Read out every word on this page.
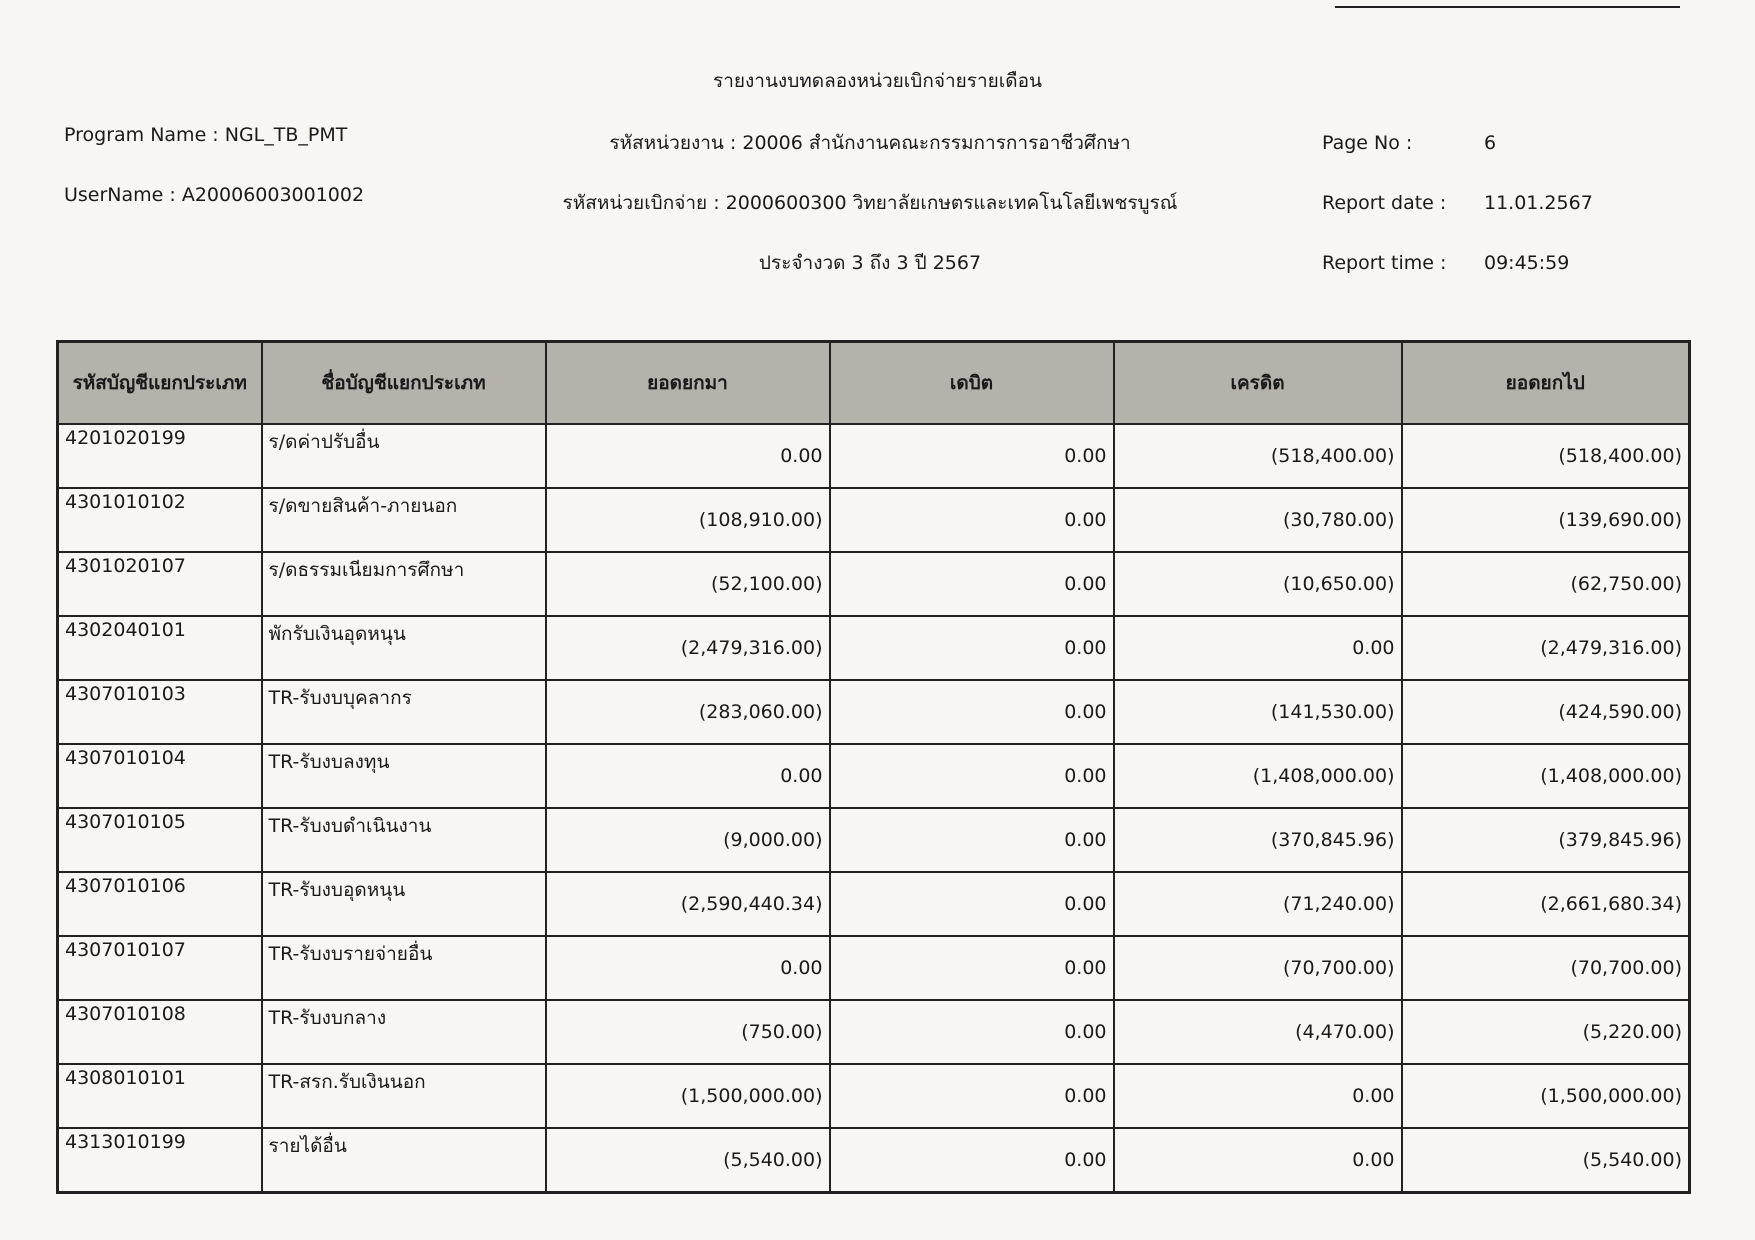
รายงานงบทดลองหน่วยเบิกจ่ายรายเดือน
Program Name : NGL_TB_PMT
UserName : A20006003001002
รหัสหน่วยงาน : 20006 สำนักงานคณะกรรมการการอาชีวศึกษา
รหัสหน่วยเบิกจ่าย : 2000600300 วิทยาลัยเกษตรและเทคโนโลยีเพชรบูรณ์
ประจำงวด 3 ถึง 3 ปี 2567
Page No :	6
Report date : 11.01.2567
Report time : 09:45:59
รหัสบัญชีแยกประเภท	ชื่อบัญชีแยกประเภท	ยอดยกมา	เดบิต	เครดิต	ยอดยกไป
4201020199	ร/ดค่าปรับอื่น	0.00	0.00	(518,400.00)	(518,400.00)
4301010102	ร/ดขายสินค้า-ภายนอก	(108,910.00)	0.00	(30,780.00)	(139,690.00)
4301020107	ร/ดธรรมเนียมการศึกษา	(52,100.00)	0.00	(10,650.00)	(62,750.00)
4302040101	พักรับเงินอุดหนุน	(2,479,316.00)	0.00	0.00	(2,479,316.00)
4307010103	TR-รับงบบุคลากร	(283,060.00)	0.00	(141,530.00)	(424,590.00)
4307010104	TR-รับงบลงทุน	0.00	0.00	(1,408,000.00)	(1,408,000.00)
4307010105	TR-รับงบดำเนินงาน	(9,000.00)	0.00	(370,845.96)	(379,845.96)
4307010106	TR-รับงบอุดหนุน	(2,590,440.34)	0.00	(71,240.00)	(2,661,680.34)
4307010107	TR-รับงบรายจ่ายอื่น	0.00	0.00	(70,700.00)	(70,700.00)
4307010108	TR-รับงบกลาง	(750.00)	0.00	(4,470.00)	(5,220.00)
4308010101	TR-สรก.รับเงินนอก	(1,500,000.00)	0.00	0.00	(1,500,000.00)
4313010199	รายได้อื่น	(5,540.00)	0.00	0.00	(5,540.00)
